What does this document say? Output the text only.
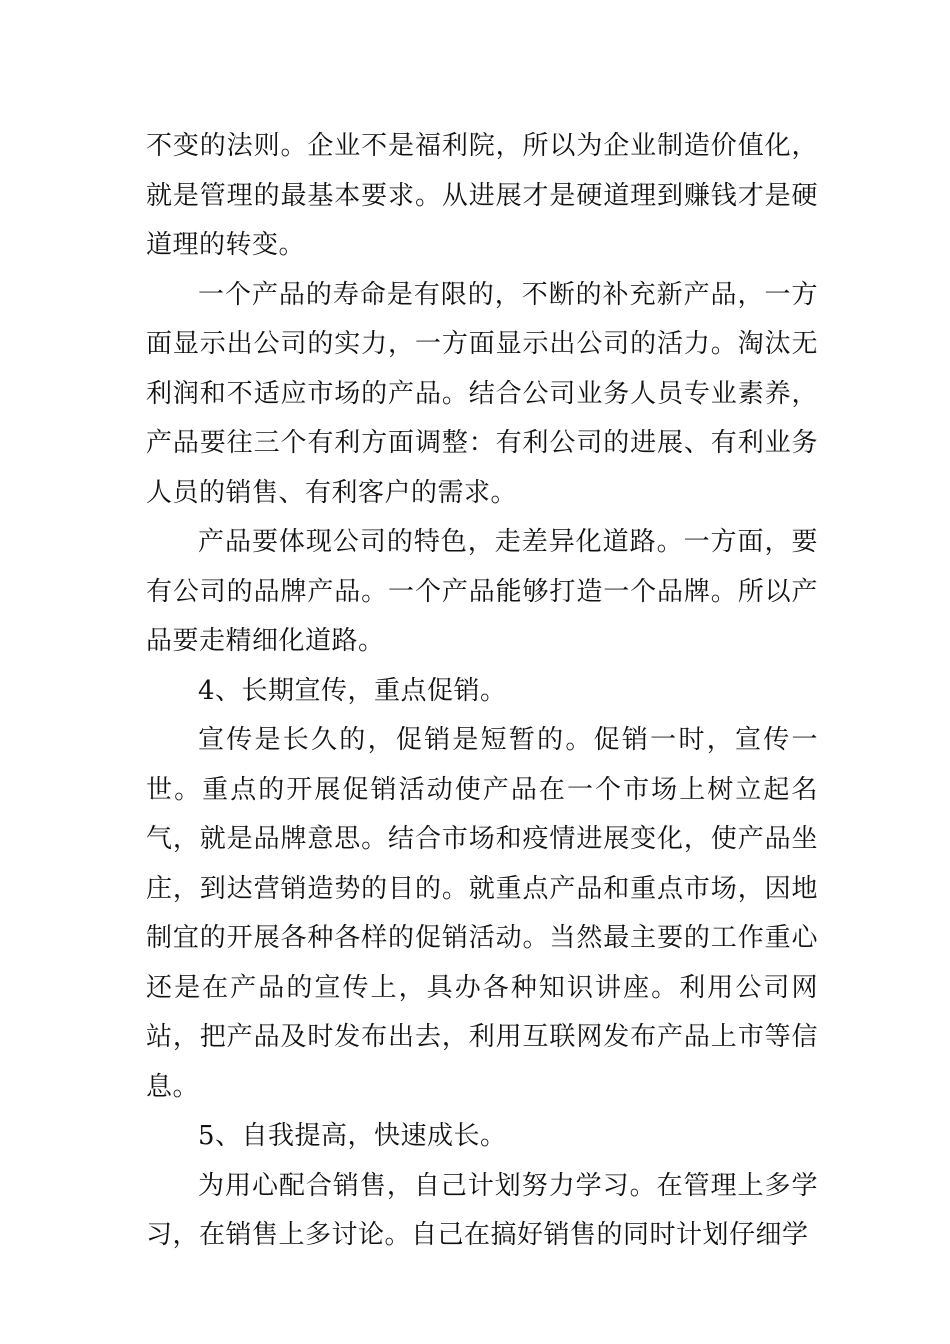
不变的法则。企业不是福利院，所以为企业制造价值化，就是管理的最基本要求。从进展才是硬道理到赚钱才是硬道理的转变。

一个产品的寿命是有限的，不断的补充新产品，一方面显示出公司的实力，一方面显示出公司的活力。淘汰无利润和不适应市场的产品。结合公司业务人员专业素养，产品要往三个有利方面调整：有利公司的进展、有利业务人员的销售、有利客户的需求。

产品要体现公司的特色，走差异化道路。一方面，要有公司的品牌产品。一个产品能够打造一个品牌。所以产品要走精细化道路。

4、长期宣传，重点促销。

宣传是长久的，促销是短暂的。促销一时，宣传一世。重点的开展促销活动使产品在一个市场上树立起名气，就是品牌意思。结合市场和疫情进展变化，使产品坐庄，到达营销造势的目的。就重点产品和重点市场，因地制宜的开展各种各样的促销活动。当然最主要的工作重心还是在产品的宣传上，具办各种知识讲座。利用公司网站，把产品及时发布出去，利用互联网发布产品上市等信息。

5、自我提高，快速成长。

为用心配合销售，自己计划努力学习。在管理上多学习，在销售上多讨论。自己在搞好销售的同时计划仔细学
